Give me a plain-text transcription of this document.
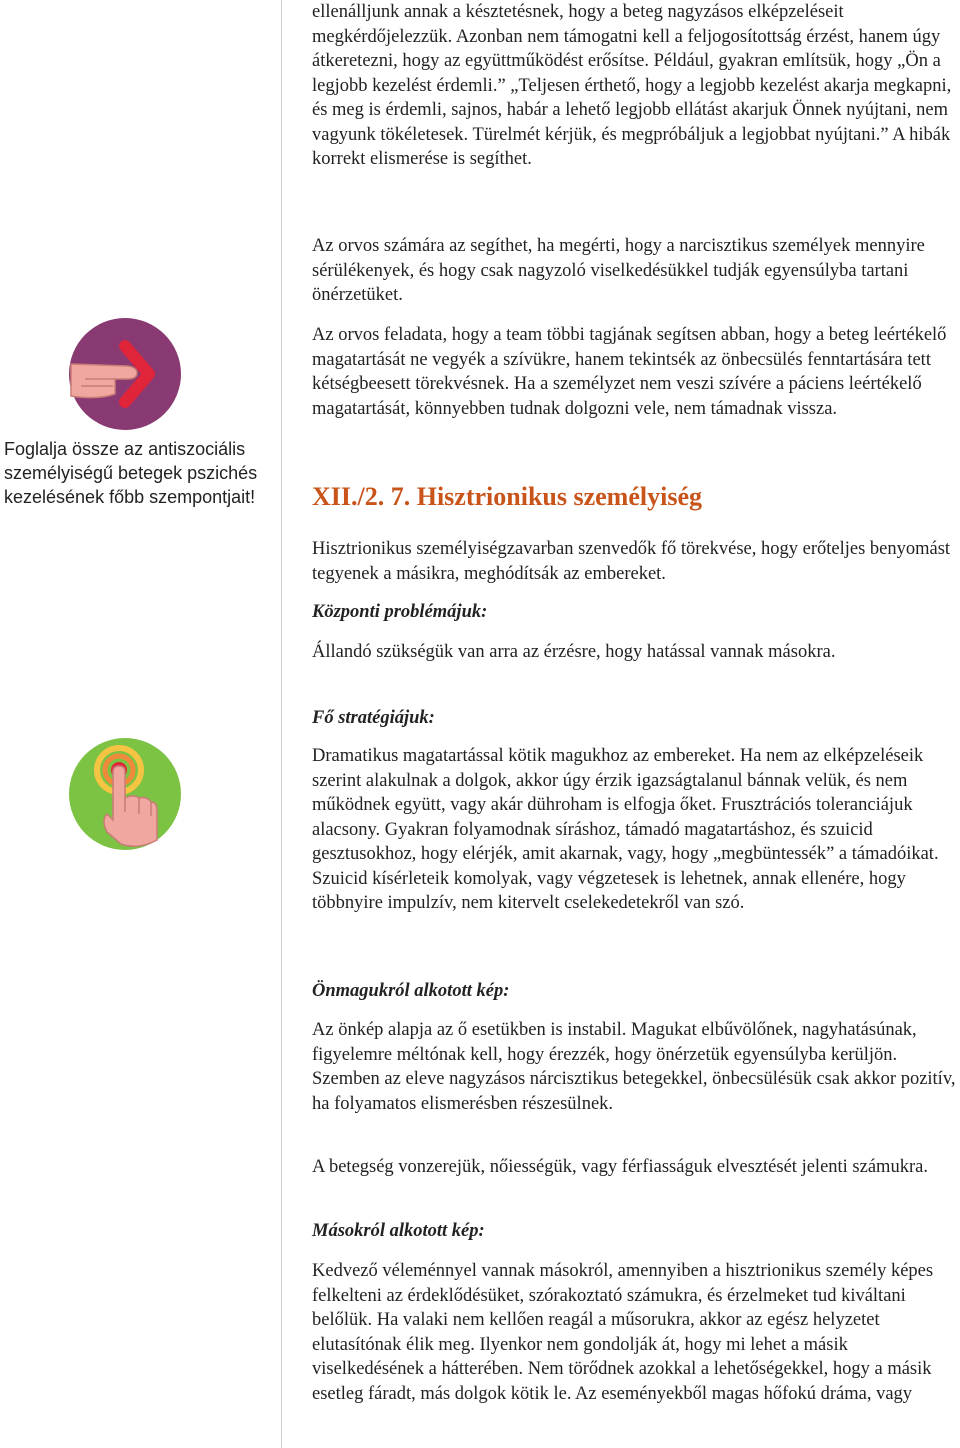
Foglalja össze az antiszociális személyiségű betegek pszichés kezelésének főbb szempontjait!

ellenálljunk annak a késztetésnek, hogy a beteg nagyzásos elképzeléseit megkérdőjelezzük. Azonban nem támogatni kell a feljogosítottság érzést, hanem úgy átkeretezni, hogy az együttműködést erősítse. Például, gyakran említsük, hogy „Ön a legjobb kezelést érdemli.” „Teljesen érthető, hogy a legjobb kezelést akarja megkapni, és meg is érdemli, sajnos, habár a lehető legjobb ellátást akarjuk Önnek nyújtani, nem vagyunk tökéletesek. Türelmét kérjük, és megpróbáljuk a legjobbat nyújtani.” A hibák korrekt elismerése is segíthet.

Az orvos számára az segíthet, ha megérti, hogy a narcisztikus személyek mennyire sérülékenyek, és hogy csak nagyzoló viselkedésükkel tudják egyensúlyba tartani önérzetüket.

Az orvos feladata, hogy a team többi tagjának segítsen abban, hogy a beteg leértékelő magatartását ne vegyék a szívükre, hanem tekintsék az önbecsülés fenntartására tett kétségbeesett törekvésnek. Ha a személyzet nem veszi szívére a páciens leértékelő magatartását, könnyebben tudnak dolgozni vele, nem támadnak vissza.

XII./2. 7. Hisztrionikus személyiség

Hisztrionikus személyiségzavarban szenvedők fő törekvése, hogy erőteljes benyomást tegyenek a másikra, meghódítsák az embereket.

Központi problémájuk:

Állandó szükségük van arra az érzésre, hogy hatással vannak másokra.

Fő stratégiájuk:

Dramatikus magatartással kötik magukhoz az embereket. Ha nem az elképzeléseik szerint alakulnak a dolgok, akkor úgy érzik igazságtalanul bánnak velük, és nem működnek együtt, vagy akár dühroham is elfogja őket. Frusztrációs toleranciájuk alacsony. Gyakran folyamodnak síráshoz, támadó magatartáshoz, és szuicid gesztusokhoz, hogy elérjék, amit akarnak, vagy, hogy „megbüntessék” a támadóikat. Szuicid kísérleteik komolyak, vagy végzetesek is lehetnek, annak ellenére, hogy többnyire impulzív, nem kitervelt cselekedetekről van szó.

Önmagukról alkotott kép:

Az önkép alapja az ő esetükben is instabil. Magukat elbűvölőnek, nagyhatásúnak, figyelemre méltónak kell, hogy érezzék, hogy önérzetük egyensúlyba kerüljön. Szemben az eleve nagyzásos nárcisztikus betegekkel, önbecsülésük csak akkor pozitív, ha folyamatos elismerésben részesülnek.

A betegség vonzerejük, nőiességük, vagy férfiasságuk elvesztését jelenti számukra.

Másokról alkotott kép:

Kedvező véleménnyel vannak másokról, amennyiben a hisztrionikus személy képes felkelteni az érdeklődésüket, szórakoztató számukra, és érzelmeket tud kiváltani belőlük. Ha valaki nem kellően reagál a műsorukra, akkor az egész helyzetet elutasítónak élik meg. Ilyenkor nem gondolják át, hogy mi lehet a másik viselkedésének a hátterében. Nem törődnek azokkal a lehetőségekkel, hogy a másik esetleg fáradt, más dolgok kötik le. Az eseményekből magas hőfokú dráma, vagy
